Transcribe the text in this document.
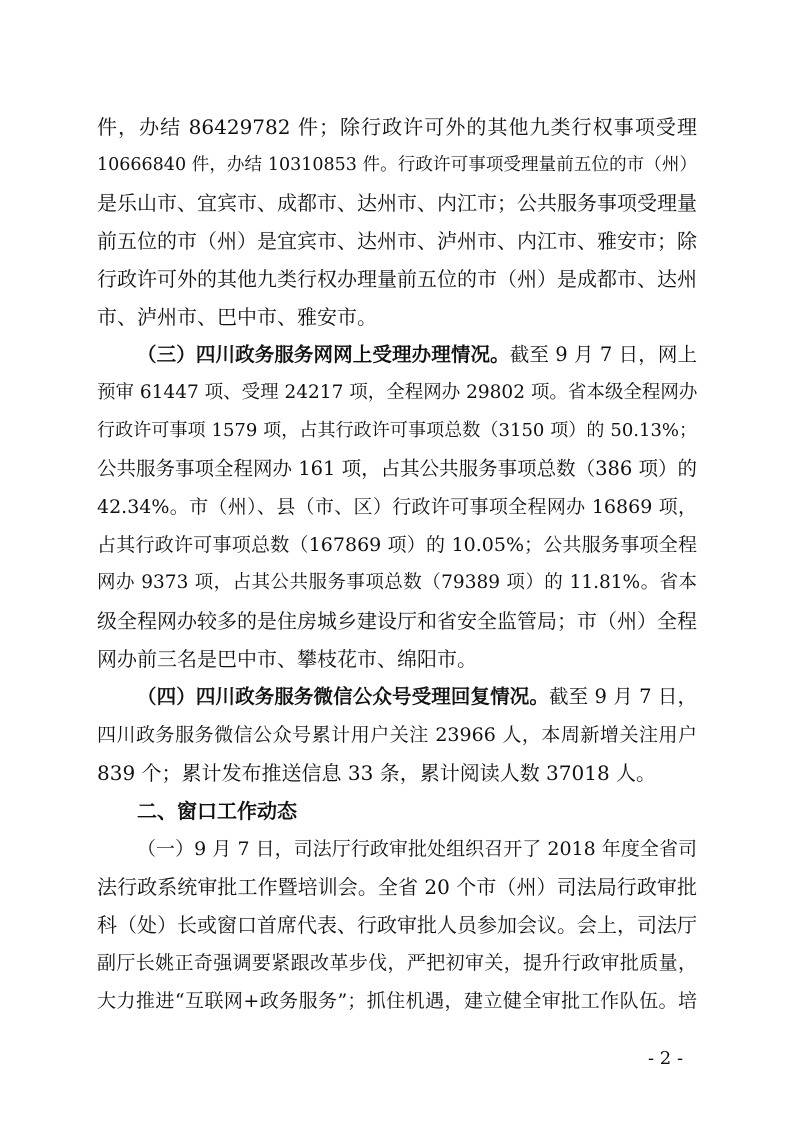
件，办结 86429782 件；除行政许可外的其他九类行权事项受理
10666840 件，办结 10310853 件。行政许可事项受理量前五位的市（州）
是乐山市、宜宾市、成都市、达州市、内江市；公共服务事项受理量
前五位的市（州）是宜宾市、达州市、泸州市、内江市、雅安市；除
行政许可外的其他九类行权办理量前五位的市（州）是成都市、达州
市、泸州市、巴中市、雅安市。
（三）四川政务服务网网上受理办理情况。截至 9 月 7 日，网上
预审 61447 项、受理 24217 项，全程网办 29802 项。省本级全程网办
行政许可事项 1579 项，占其行政许可事项总数（3150 项）的 50.13%；
公共服务事项全程网办 161 项，占其公共服务事项总数（386 项）的
42.34%。市（州）、县（市、区）行政许可事项全程网办 16869 项，
占其行政许可事项总数（167869 项）的 10.05%；公共服务事项全程
网办 9373 项，占其公共服务事项总数（79389 项）的 11.81%。省本
级全程网办较多的是住房城乡建设厅和省安全监管局；市（州）全程
网办前三名是巴中市、攀枝花市、绵阳市。
（四）四川政务服务微信公众号受理回复情况。截至 9 月 7 日，
四川政务服务微信公众号累计用户关注 23966 人，本周新增关注用户
839 个；累计发布推送信息 33 条，累计阅读人数 37018 人。
二、窗口工作动态
（一）9 月 7 日，司法厅行政审批处组织召开了 2018 年度全省司
法行政系统审批工作暨培训会。全省 20 个市（州）司法局行政审批
科（处）长或窗口首席代表、行政审批人员参加会议。会上，司法厅
副厅长姚正奇强调要紧跟改革步伐，严把初审关，提升行政审批质量，
大力推进“互联网+政务服务”；抓住机遇，建立健全审批工作队伍。培
- 2 -
